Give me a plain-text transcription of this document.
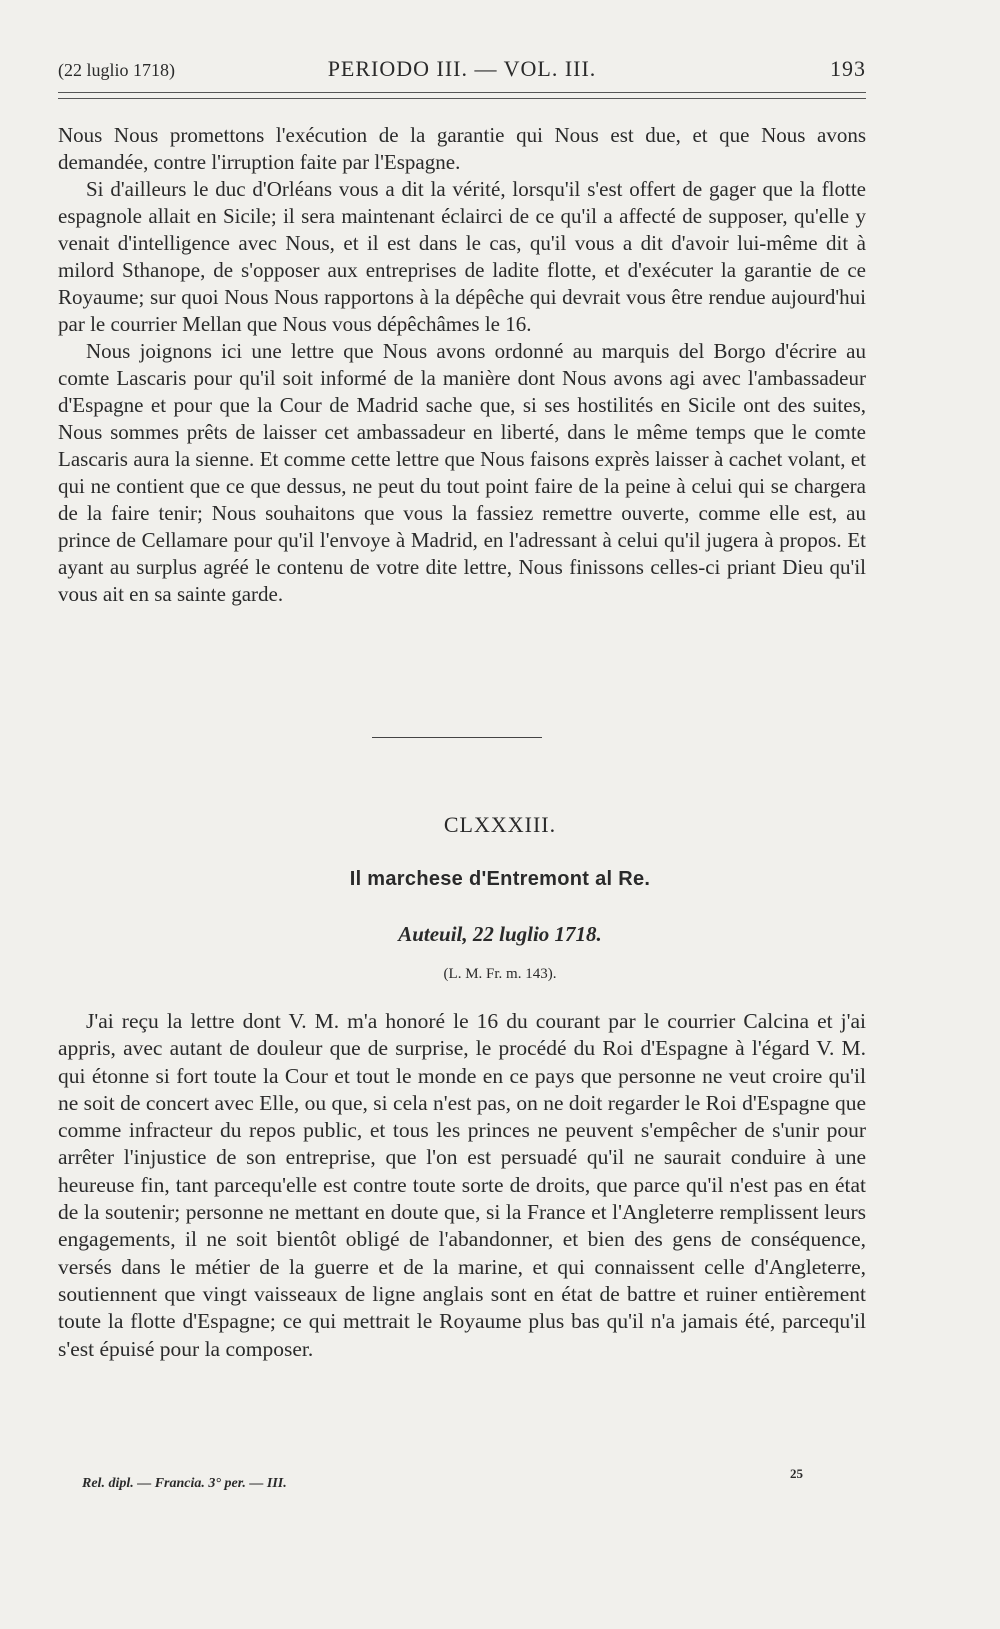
(22 luglio 1718)	PERIODO III. — VOL. III.	193

Nous Nous promettons l'exécution de la garantie qui Nous est due, et que Nous avons demandée, contre l'irruption faite par l'Espagne.

Si d'ailleurs le duc d'Orléans vous a dit la vérité, lorsqu'il s'est offert de gager que la flotte espagnole allait en Sicile; il sera maintenant éclairci de ce qu'il a affecté de supposer, qu'elle y venait d'intelligence avec Nous, et il est dans le cas, qu'il vous a dit d'avoir lui-même dit à milord Sthanope, de s'opposer aux entreprises de ladite flotte, et d'exécuter la garantie de ce Royaume; sur quoi Nous Nous rapportons à la dépêche qui devrait vous être rendue aujourd'hui par le courrier Mellan que Nous vous dépêchâmes le 16.

Nous joignons ici une lettre que Nous avons ordonné au marquis del Borgo d'écrire au comte Lascaris pour qu'il soit informé de la manière dont Nous avons agi avec l'ambassadeur d'Espagne et pour que la Cour de Madrid sache que, si ses hostilités en Sicile ont des suites, Nous sommes prêts de laisser cet ambassadeur en liberté, dans le même temps que le comte Lascaris aura la sienne. Et comme cette lettre que Nous faisons exprès laisser à cachet volant, et qui ne contient que ce que dessus, ne peut du tout point faire de la peine à celui qui se chargera de la faire tenir; Nous souhaitons que vous la fassiez remettre ouverte, comme elle est, au prince de Cellamare pour qu'il l'envoye à Madrid, en l'adressant à celui qu'il jugera à propos. Et ayant au surplus agréé le contenu de votre dite lettre, Nous finissons celles-ci priant Dieu qu'il vous ait en sa sainte garde.

CLXXXIII.
Il marchese d'Entremont al Re.
Auteuil, 22 luglio 1718.
(L. M. Fr. m. 143).

J'ai reçu la lettre dont V. M. m'a honoré le 16 du courant par le courrier Calcina et j'ai appris, avec autant de douleur que de surprise, le procédé du Roi d'Espagne à l'égard V. M. qui étonne si fort toute la Cour et tout le monde en ce pays que personne ne veut croire qu'il ne soit de concert avec Elle, ou que, si cela n'est pas, on ne doit regarder le Roi d'Espagne que comme infracteur du repos public, et tous les princes ne peuvent s'empêcher de s'unir pour arrêter l'injustice de son entreprise, que l'on est persuadé qu'il ne saurait conduire à une heureuse fin, tant parcequ'elle est contre toute sorte de droits, que parce qu'il n'est pas en état de la soutenir; personne ne mettant en doute que, si la France et l'Angleterre remplissent leurs engagements, il ne soit bientôt obligé de l'abandonner, et bien des gens de conséquence, versés dans le métier de la guerre et de la marine, et qui connaissent celle d'Angleterre, soutiennent que vingt vaisseaux de ligne anglais sont en état de battre et ruiner entièrement toute la flotte d'Espagne; ce qui mettrait le Royaume plus bas qu'il n'a jamais été, parcequ'il s'est épuisé pour la composer.

Rel. dipl. — Francia. 3° per. — III.
25
